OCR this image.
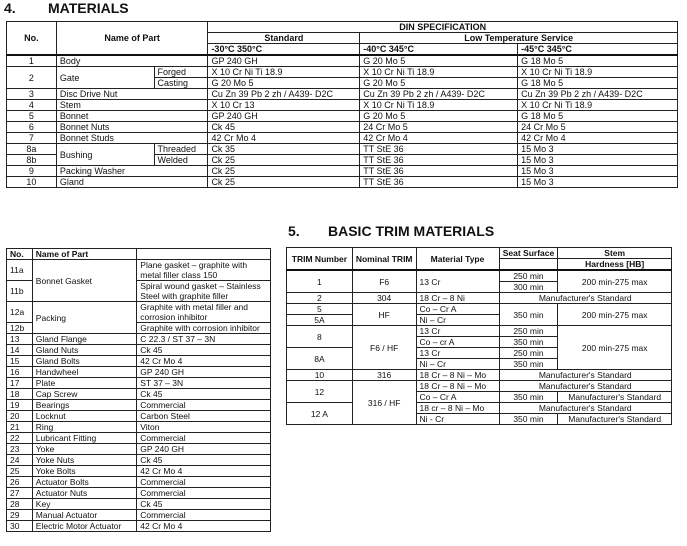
4. MATERIALS
No.	Name of Part		DIN SPECIFICATION		
			Standard	Low Temperature Service	
			-30°C 350°C	-40°C 345°C	-45°C 345°C
1	Body		GP 240 GH	G 20 Mo 5	G 18 Mo 5
2	Gate	Forged	X 10 Cr Ni Ti 18.9	X 10 Cr Ni Ti 18.9	X 10 Cr Ni Ti 18.9
		Casting	G 20 Mo 5	G 20 Mo 5	G 18 Mo 5
3	Disc Drive Nut		Cu Zn 39 Pb 2 zh / A439- D2C	Cu Zn 39 Pb 2 zh / A439- D2C	Cu Zn 39 Pb 2 zh / A439- D2C
4	Stem		X 10 Cr 13	X 10 Cr Ni Ti 18.9	X 10 Cr Ni Ti 18.9
5	Bonnet		GP 240 GH	G 20 Mo 5	G 18 Mo 5
6	Bonnet Nuts		Ck 45	24 Cr Mo 5	24 Cr Mo 5
7	Bonnet Studs		42 Cr Mo 4	42 Cr Mo 4	42 Cr Mo 4
8a	Bushing	Threaded	Ck 35	TT StE 36	15 Mo 3
8b		Welded	Ck 25	TT StE 36	15 Mo 3
9	Packing Washer		Ck 25	TT StE 36	15 Mo 3
10	Gland		Ck 25	TT StE 36	15 Mo 3
No.	Name of Part	
11a	Bonnet Gasket	Plane gasket – graphite with metal filler class 150
11b		Spiral wound gasket – Stainless Steel with graphite filler
12a	Packing	Graphite with metal filler and corrosion inhibitor
12b		Graphite with corrosion inhibitor
13	Gland Flange	C 22.3 / ST 37 – 3N
14	Gland Nuts	Ck 45
15	Gland Bolts	42 Cr Mo 4
16	Handwheel	GP 240 GH
17	Plate	ST 37 – 3N
18	Cap Screw	Ck 45
19	Bearings	Commercial
20	Locknut	Carbon Steel
21	Ring	Viton
22	Lubricant Fitting	Commercial
23	Yoke	GP 240 GH
24	Yoke Nuts	Ck 45
25	Yoke Bolts	42 Cr Mo 4
26	Actuator Bolts	Commercial
27	Actuator Nuts	Commercial
28	Key	Ck 45
29	Manual Actuator	Commercial
30	Electric Motor Actuator	42 Cr Mo 4
5. BASIC TRIM MATERIALS
TRIM Number	Nominal TRIM	Material Type	Seat Surface	Stem
				Hardness [HB]
1	F6	13 Cr	250 min	200 min-275 max
			300 min	
2	304	18 Cr – 8 Ni	Manufacturer's Standard	
5	HF	Co – Cr A	350 min	200 min-275 max
5A		Ni – Cr		
8	F6 / HF	13 Cr	250 min	200 min-275 max
		Co – cr A	350 min	
8A		13 Cr	250 min	
		Ni – Cr	350 min	
10	316	18 Cr – 8 Ni – Mo	Manufacturer's Standard	
12	316 / HF	18 Cr – 8 Ni – Mo	Manufacturer's Standard	
		Co – Cr A	350 min	Manufacturer's Standard
12 A		18 cr – 8 Ni – Mo	Manufacturer's Standard	
		Ni - Cr	350 min	Manufacturer's Standard
